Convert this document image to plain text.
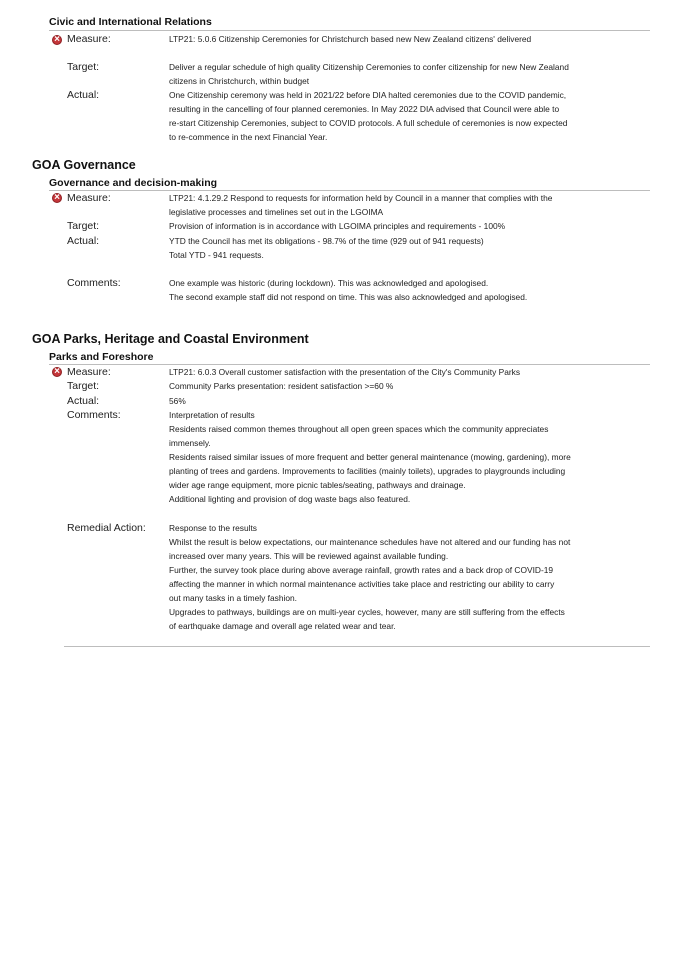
Civic and International Relations
×
Measure:	LTP21: 5.0.6 Citizenship Ceremonies for Christchurch based new New Zealand citizens' delivered
Target:	Deliver a regular schedule of high quality Citizenship Ceremonies to confer citizenship for new New Zealand
citizens in Christchurch, within budget
Actual:	One Citizenship ceremony was held in 2021/22 before DIA halted ceremonies due to the COVID pandemic,
resulting in the cancelling of four planned ceremonies. In May 2022 DIA advised that Council were able to
re-start Citizenship Ceremonies, subject to COVID protocols. A full schedule of ceremonies is now expected
to re-commence in the next Financial Year.
GOA Governance
Governance and decision-making
×
Measure:	LTP21: 4.1.29.2 Respond to requests for information held by Council in a manner that complies with the
legislative processes and timelines set out in the LGOIMA
Target:	Provision of information is in accordance with LGOIMA principles and requirements - 100%
Actual:	YTD the Council has met its obligations - 98.7% of the time (929 out of 941 requests)
Total YTD - 941 requests.
Comments:	One example was historic (during lockdown). This was acknowledged and apologised.
The second example staff did not respond on time. This was also acknowledged and apologised.
GOA Parks, Heritage and Coastal Environment
Parks and Foreshore
×
Measure:	LTP21: 6.0.3 Overall customer satisfaction with the presentation of the City's Community Parks
Target:	Community Parks presentation: resident satisfaction >=60 %
Actual:	56%
Comments:	Interpretation of results
Residents raised common themes throughout all open green spaces which the community appreciates
immensely.
Residents raised similar issues of more frequent and better general maintenance (mowing, gardening), more
planting of trees and gardens. Improvements to facilities (mainly toilets), upgrades to playgrounds including
wider age range equipment, more picnic tables/seating, pathways and drainage.
Additional lighting and provision of dog waste bags also featured.
Remedial Action:	Response to the results
Whilst the result is below expectations, our maintenance schedules have not altered and our funding has not
increased over many years. This will be reviewed against available funding.
Further, the survey took place during above average rainfall, growth rates and a back drop of COVID-19
affecting the manner in which normal maintenance activities take place and restricting our ability to carry
out many tasks in a timely fashion.
Upgrades to pathways, buildings are on multi-year cycles, however, many are still suffering from the effects
of earthquake damage and overall age related wear and tear.
